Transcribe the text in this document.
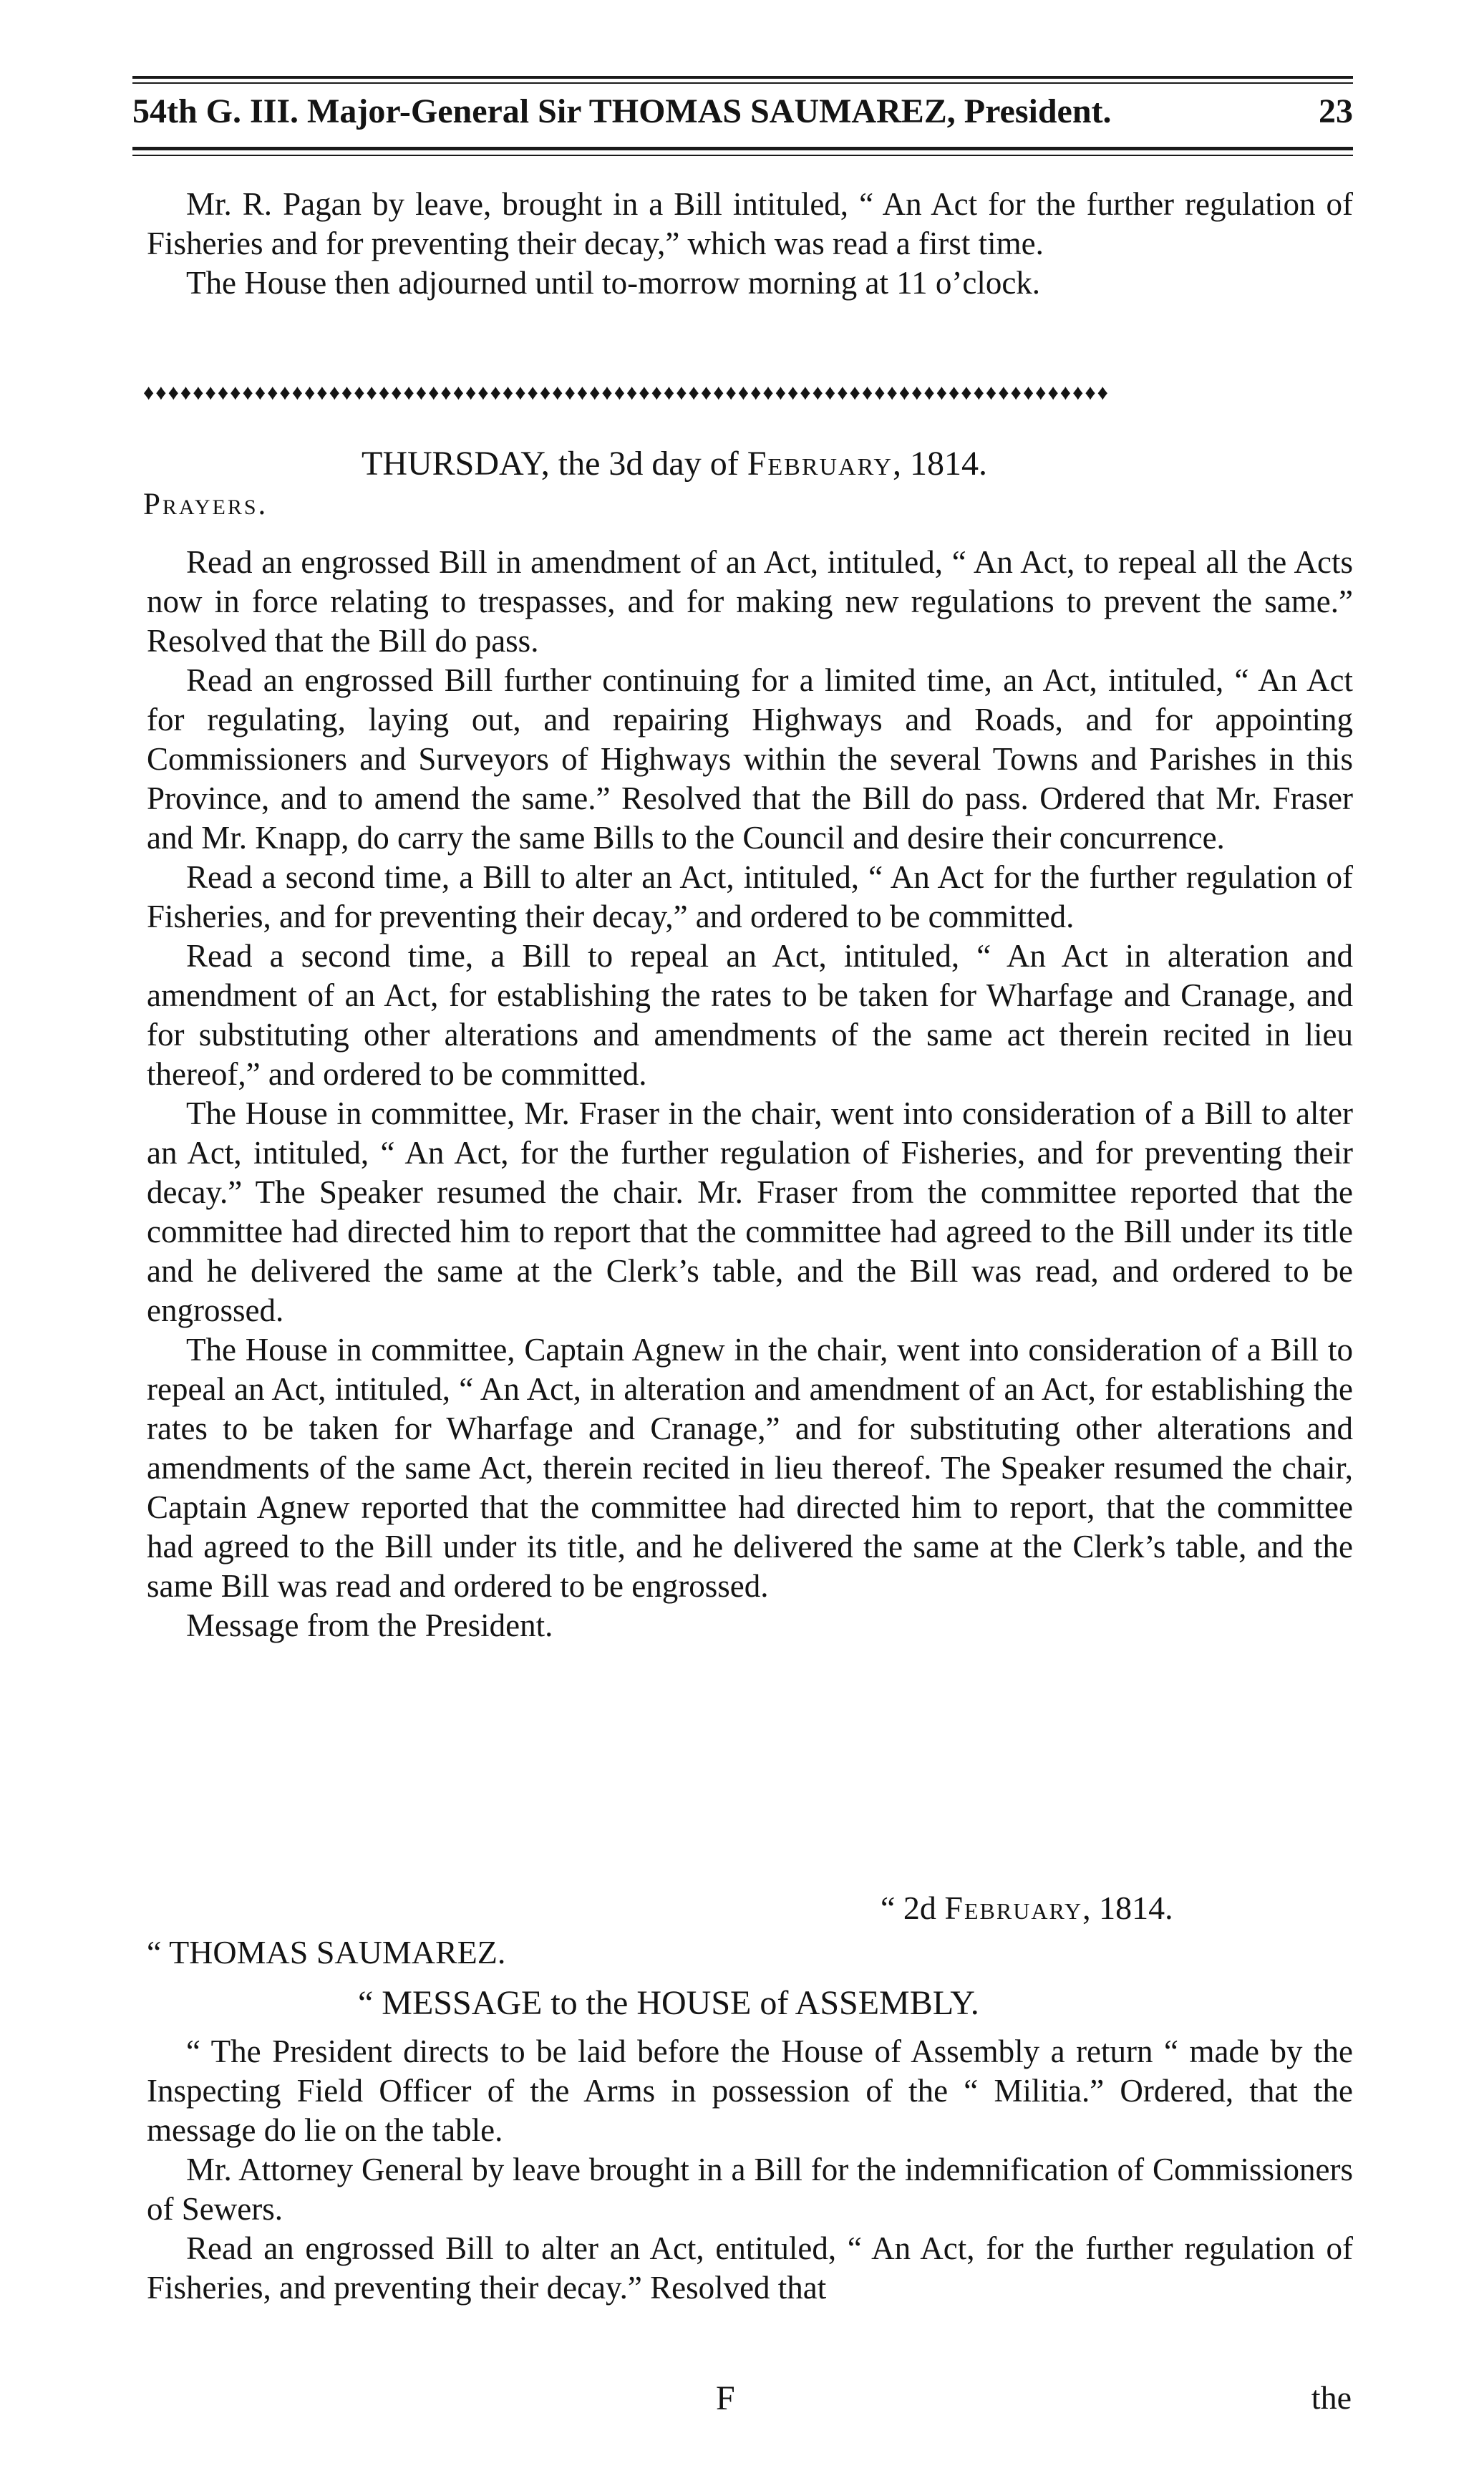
54th G. III. Major-General Sir THOMAS SAUMAREZ, President.	23

Mr. R. Pagan by leave, brought in a Bill intituled, “ An Act for the further regulation of Fisheries and for preventing their decay,” which was read a first time.

The House then adjourned until to-morrow morning at 11 o’clock.

♦♦♦♦♦♦♦♦♦♦♦♦♦♦♦♦♦♦♦♦♦♦♦♦♦♦♦♦♦♦♦♦♦♦♦♦♦♦♦♦♦♦♦♦♦♦♦♦♦♦♦♦♦♦♦♦♦♦♦♦♦♦♦♦♦♦♦♦♦♦♦♦♦♦♦♦♦♦
THURSDAY, the 3d day of February, 1814.
Prayers.

Read an engrossed Bill in amendment of an Act, intituled, “ An Act, to repeal all the Acts now in force relating to trespasses, and for making new regulations to prevent the same.” Resolved that the Bill do pass.

Read an engrossed Bill further continuing for a limited time, an Act, intituled, “ An Act for regulating, laying out, and repairing Highways and Roads, and for appointing Commissioners and Surveyors of Highways within the several Towns and Parishes in this Province, and to amend the same.” Resolved that the Bill do pass. Ordered that Mr. Fraser and Mr. Knapp, do carry the same Bills to the Council and desire their concurrence.

Read a second time, a Bill to alter an Act, intituled, “ An Act for the further regulation of Fisheries, and for preventing their decay,” and ordered to be committed.

Read a second time, a Bill to repeal an Act, intituled, “ An Act in alteration and amendment of an Act, for establishing the rates to be taken for Wharfage and Cranage, and for substituting other alterations and amendments of the same act therein recited in lieu thereof,” and ordered to be committed.

The House in committee, Mr. Fraser in the chair, went into consideration of a Bill to alter an Act, intituled, “ An Act, for the further regulation of Fisheries, and for preventing their decay.” The Speaker resumed the chair. Mr. Fraser from the committee reported that the committee had directed him to report that the committee had agreed to the Bill under its title and he delivered the same at the Clerk’s table, and the Bill was read, and ordered to be engrossed.

The House in committee, Captain Agnew in the chair, went into consideration of a Bill to repeal an Act, intituled, “ An Act, in alteration and amendment of an Act, for establishing the rates to be taken for Wharfage and Cranage,” and for substituting other alterations and amendments of the same Act, therein recited in lieu thereof. The Speaker resumed the chair, Captain Agnew reported that the committee had directed him to report, that the committee had agreed to the Bill under its title, and he delivered the same at the Clerk’s table, and the same Bill was read and ordered to be engrossed.

Message from the President.

“ 2d February, 1814.
“ THOMAS SAUMAREZ.
“ MESSAGE to the HOUSE of ASSEMBLY.

“ The President directs to be laid before the House of Assembly a return “ made by the Inspecting Field Officer of the Arms in possession of the “ Militia.” Ordered, that the message do lie on the table.

Mr. Attorney General by leave brought in a Bill for the indemnification of Commissioners of Sewers.

Read an engrossed Bill to alter an Act, entituled, “ An Act, for the further regulation of Fisheries, and preventing their decay.” Resolved that

F	the
